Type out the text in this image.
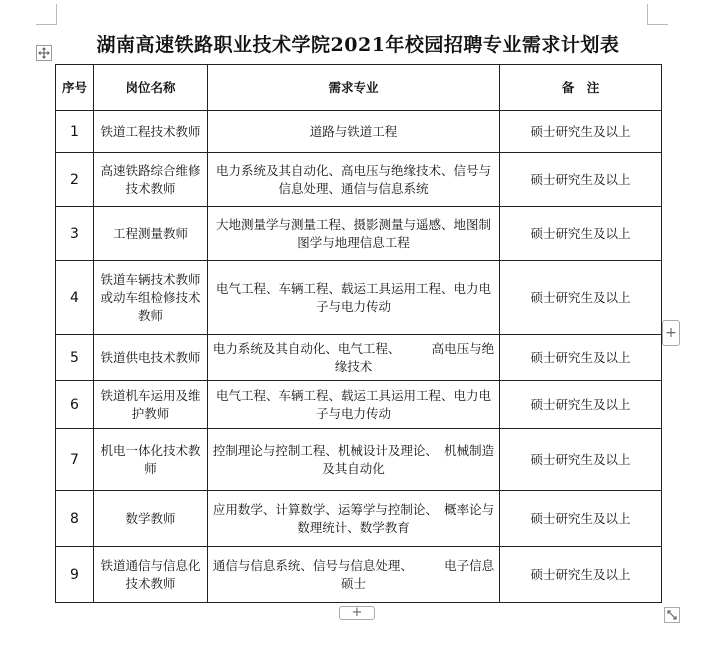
湖南高速铁路职业技术学院2021年校园招聘专业需求计划表
序号	岗位名称	需求专业	备　注
1	铁道工程技术教师	道路与铁道工程	硕士研究生及以上
2	高速铁路综合维修技术教师	电力系统及其自动化、高电压与绝缘技术、信号与信息处理、通信与信息系统	硕士研究生及以上
3	工程测量教师	大地测量学与测量工程、摄影测量与遥感、地图制图学与地理信息工程	硕士研究生及以上
4	铁道车辆技术教师或动车组检修技术教师	电气工程、车辆工程、载运工具运用工程、电力电子与电力传动	硕士研究生及以上
5	铁道供电技术教师	电力系统及其自动化、电气工程、　　　高电压与绝缘技术	硕士研究生及以上
6	铁道机车运用及维护教师	电气工程、车辆工程、载运工具运用工程、电力电子与电力传动	硕士研究生及以上
7	机电一体化技术教师	控制理论与控制工程、机械设计及理论、　机械制造及其自动化	硕士研究生及以上
8	数学教师	应用数学、计算数学、运筹学与控制论、　概率论与数理统计、数学教育	硕士研究生及以上
9	铁道通信与信息化技术教师	通信与信息系统、信号与信息处理、　　　电子信息硕士	硕士研究生及以上
+
+
